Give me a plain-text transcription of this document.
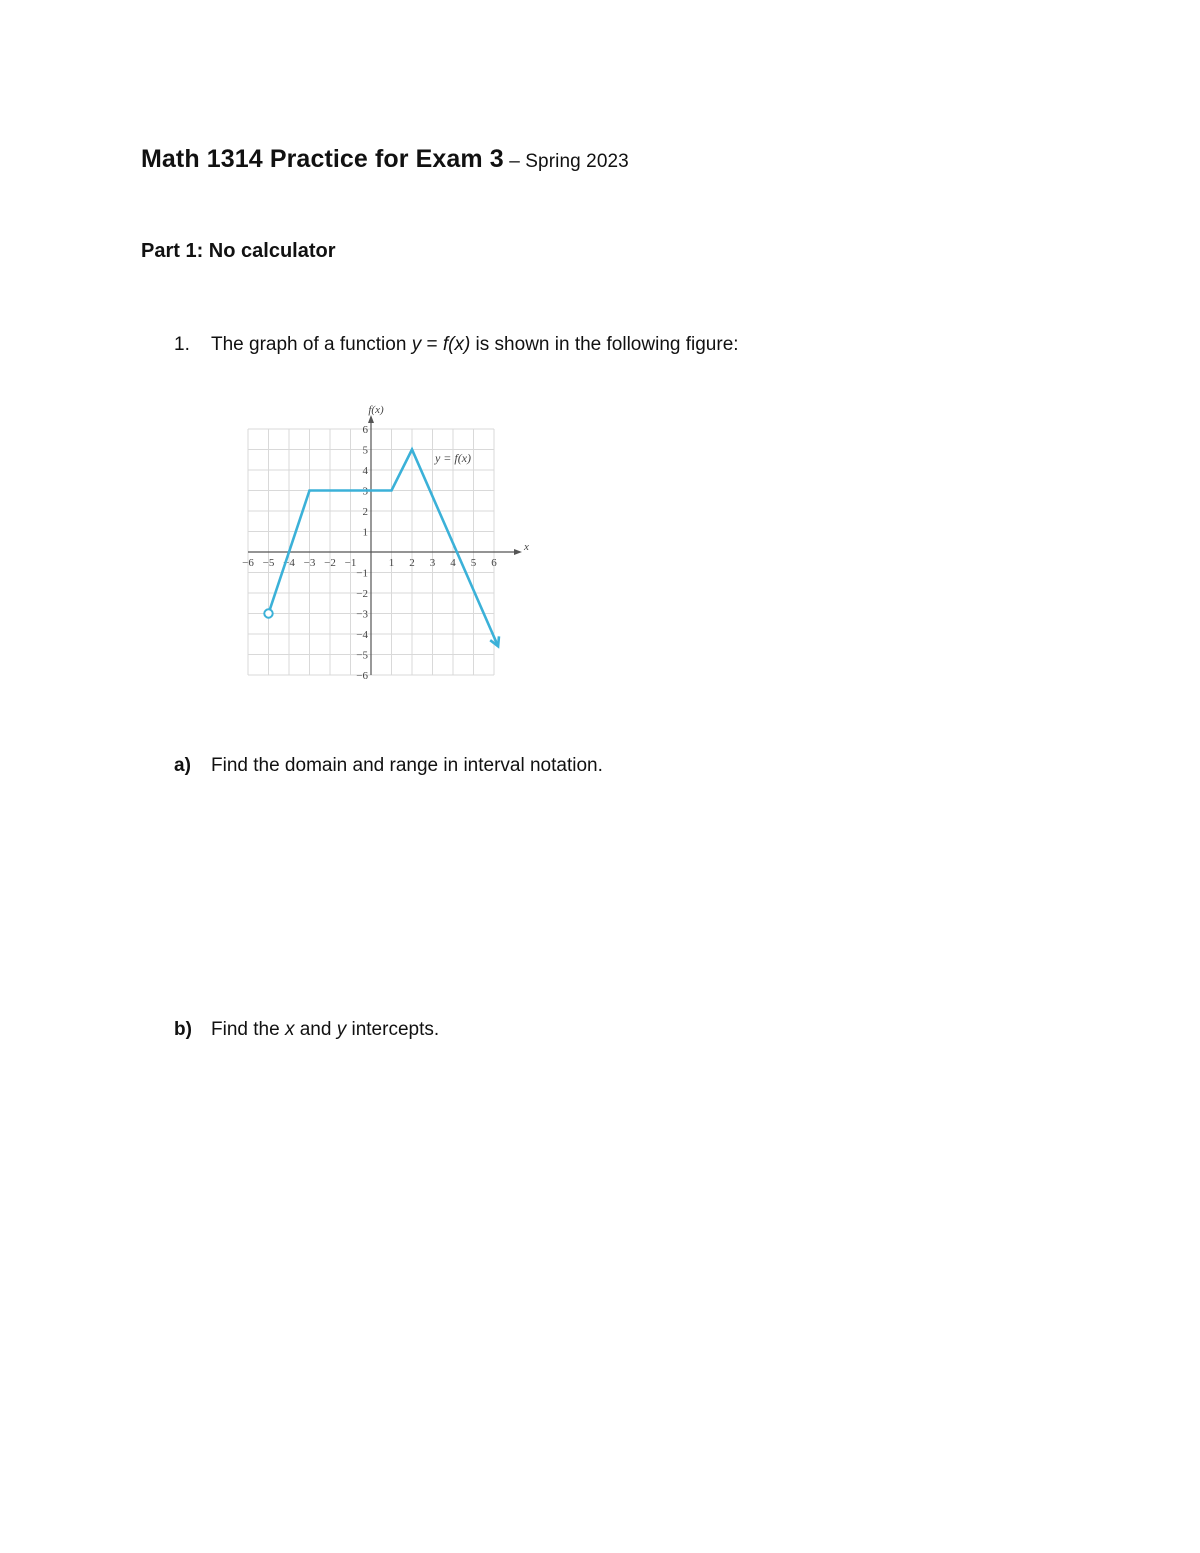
Math 1314 Practice for Exam 3 – Spring 2023
Part 1: No calculator
1. The graph of a function y = f(x) is shown in the following figure:
−6 −5 −4 −3 −2 −1	1 2 3 4 5 6
−6
−5
−4
−3
−2
−1
1
2
3
4
5
6
x
f(x)
y = f(x)
a) Find the domain and range in interval notation.
b) Find the x and y intercepts.
